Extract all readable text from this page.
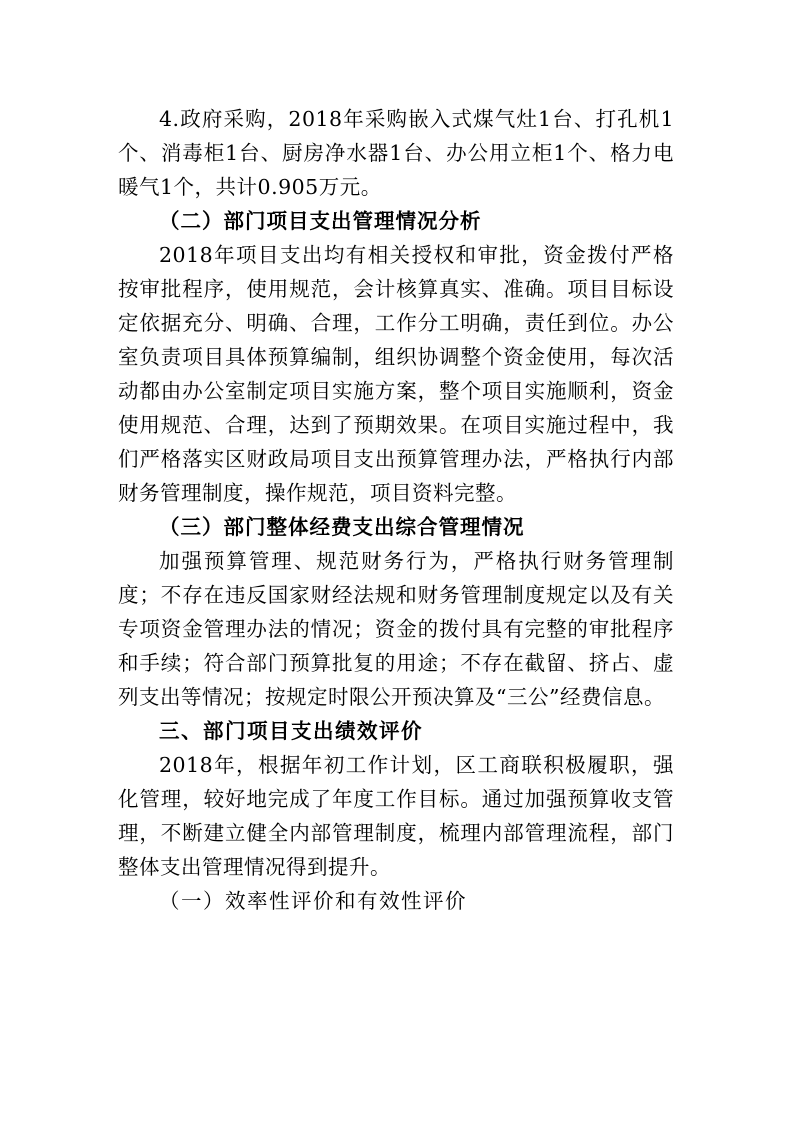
4.政府采购，2018年采购嵌入式煤气灶1台、打孔机1个、消毒柜1台、厨房净水器1台、办公用立柜1个、格力电暖气1个，共计0.905万元。

（二）部门项目支出管理情况分析

2018年项目支出均有相关授权和审批，资金拨付严格按审批程序，使用规范，会计核算真实、准确。项目目标设定依据充分、明确、合理，工作分工明确，责任到位。办公室负责项目具体预算编制，组织协调整个资金使用，每次活动都由办公室制定项目实施方案，整个项目实施顺利，资金使用规范、合理，达到了预期效果。在项目实施过程中，我们严格落实区财政局项目支出预算管理办法，严格执行内部财务管理制度，操作规范，项目资料完整。

（三）部门整体经费支出综合管理情况

加强预算管理、规范财务行为，严格执行财务管理制度；不存在违反国家财经法规和财务管理制度规定以及有关专项资金管理办法的情况；资金的拨付具有完整的审批程序和手续；符合部门预算批复的用途；不存在截留、挤占、虚列支出等情况；按规定时限公开预决算及“三公”经费信息。

三、部门项目支出绩效评价

2018年，根据年初工作计划，区工商联积极履职，强化管理，较好地完成了年度工作目标。通过加强预算收支管理，不断建立健全内部管理制度，梳理内部管理流程，部门整体支出管理情况得到提升。

（一）效率性评价和有效性评价
